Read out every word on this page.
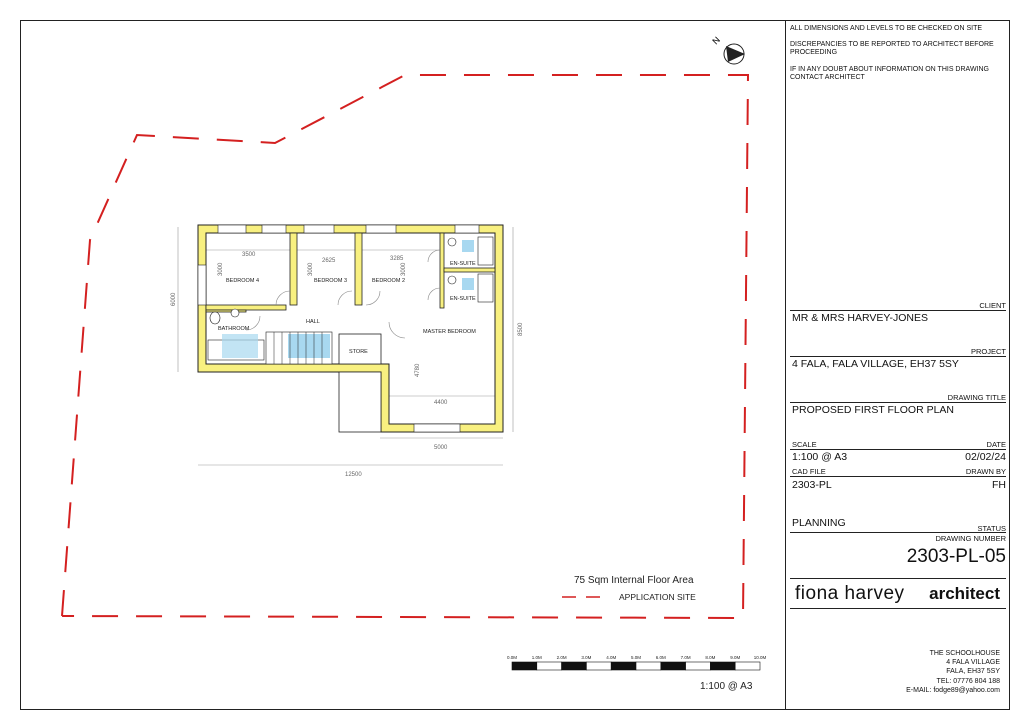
ALL DIMENSIONS AND LEVELS TO BE CHECKED ON SITE
DISCREPANCIES TO BE REPORTED TO ARCHITECT BEFORE PROCEEDING
IF IN ANY DOUBT ABOUT INFORMATION ON THIS DRAWING CONTACT ARCHITECT
CLIENT
MR & MRS HARVEY-JONES
PROJECT
4 FALA, FALA VILLAGE, EH37 5SY
DRAWING TITLE
PROPOSED FIRST FLOOR PLAN
SCALE	DATE
1:100 @ A3	02/02/24
CAD FILE	DRAWN BY
2303-PL	FH
PLANNING	STATUS
DRAWING NUMBER
2303-PL-05
fiona harvey architect
THE SCHOOLHOUSE
4 FALA VILLAGE
FALA, EH37 5SY
TEL: 07776 804 188
E-MAIL: fodge89@yahoo.com
N
BEDROOM 4	BEDROOM 3	BEDROOM 2
EN-SUITE
EN-SUITE
BATHROOM
HALL
STORE
MASTER BEDROOM
3500
2625	3285
3000	3000	3000
6000
8500
4780
4400
5000
12500
75 Sqm Internal Floor Area
APPLICATION SITE
0.0M	1.0M	2.0M	3.0M	4.0M	5.0M	6.0M	7.0M	8.0M	9.0M	10.0M
1:100 @ A3
